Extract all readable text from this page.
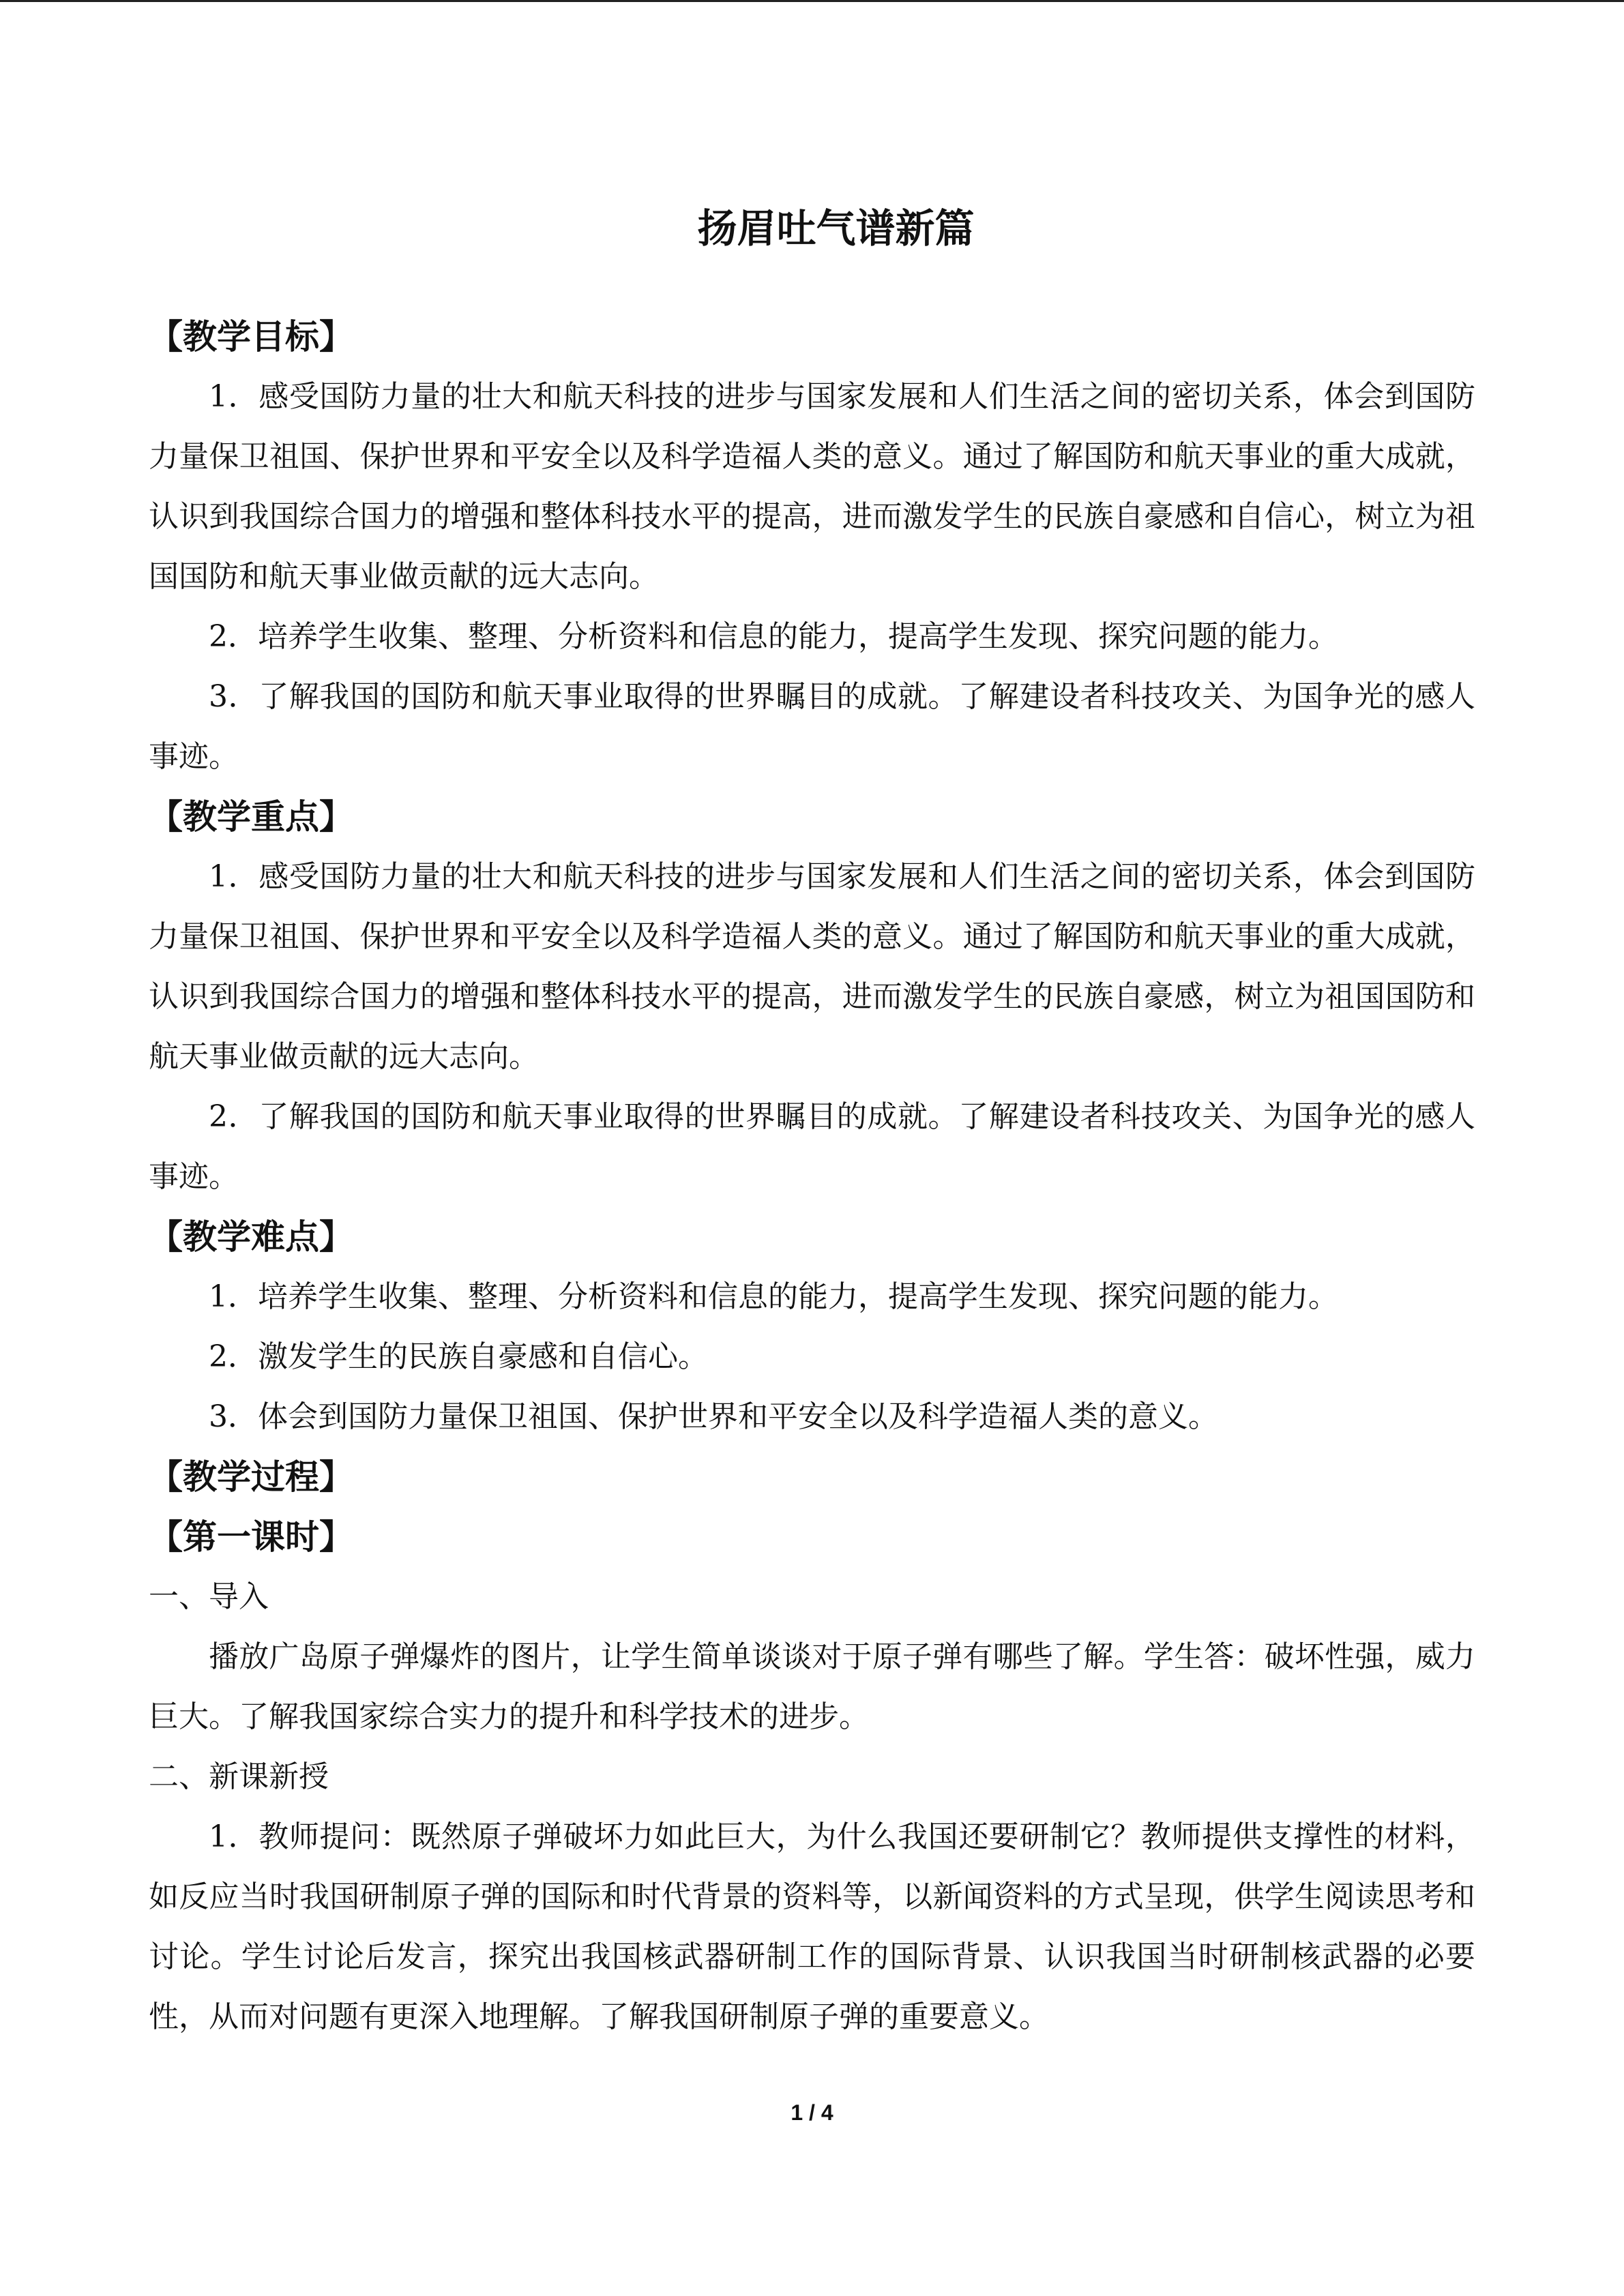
扬眉吐气谱新篇

【教学目标】

1．感受国防力量的壮大和航天科技的进步与国家发展和人们生活之间的密切关系，体会到国防力量保卫祖国、保护世界和平安全以及科学造福人类的意义。通过了解国防和航天事业的重大成就，认识到我国综合国力的增强和整体科技水平的提高，进而激发学生的民族自豪感和自信心，树立为祖国国防和航天事业做贡献的远大志向。

2．培养学生收集、整理、分析资料和信息的能力，提高学生发现、探究问题的能力。

3．了解我国的国防和航天事业取得的世界瞩目的成就。了解建设者科技攻关、为国争光的感人事迹。

【教学重点】

1．感受国防力量的壮大和航天科技的进步与国家发展和人们生活之间的密切关系，体会到国防力量保卫祖国、保护世界和平安全以及科学造福人类的意义。通过了解国防和航天事业的重大成就，认识到我国综合国力的增强和整体科技水平的提高，进而激发学生的民族自豪感，树立为祖国国防和航天事业做贡献的远大志向。

2．了解我国的国防和航天事业取得的世界瞩目的成就。了解建设者科技攻关、为国争光的感人事迹。

【教学难点】

1．培养学生收集、整理、分析资料和信息的能力，提高学生发现、探究问题的能力。

2．激发学生的民族自豪感和自信心。

3．体会到国防力量保卫祖国、保护世界和平安全以及科学造福人类的意义。

【教学过程】

【第一课时】

一、导入

播放广岛原子弹爆炸的图片，让学生简单谈谈对于原子弹有哪些了解。学生答：破坏性强，威力巨大。了解我国家综合实力的提升和科学技术的进步。

二、新课新授

1．教师提问：既然原子弹破坏力如此巨大，为什么我国还要研制它？教师提供支撑性的材料，如反应当时我国研制原子弹的国际和时代背景的资料等，以新闻资料的方式呈现，供学生阅读思考和讨论。学生讨论后发言，探究出我国核武器研制工作的国际背景、认识我国当时研制核武器的必要性，从而对问题有更深入地理解。了解我国研制原子弹的重要意义。

1 / 4
